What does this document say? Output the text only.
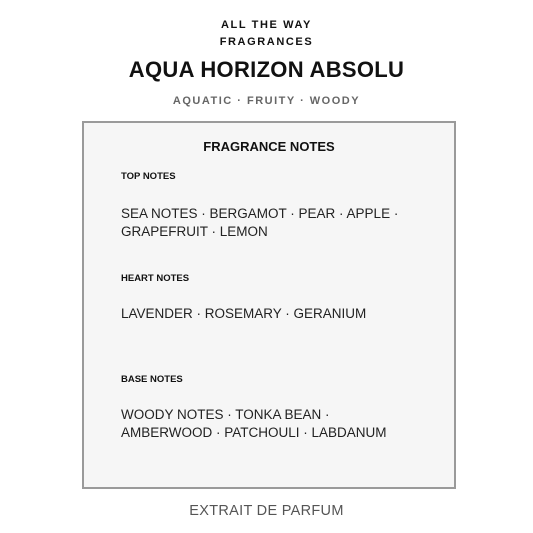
ALL THE WAY
FRAGRANCES
AQUA HORIZON ABSOLU
AQUATIC · FRUITY · WOODY
FRAGRANCE NOTES
TOP NOTES
SEA NOTES · BERGAMOT · PEAR · APPLE · GRAPEFRUIT · LEMON
HEART NOTES
LAVENDER · ROSEMARY · GERANIUM
BASE NOTES
WOODY NOTES · TONKA BEAN · AMBERWOOD · PATCHOULI · LABDANUM
EXTRAIT DE PARFUM
